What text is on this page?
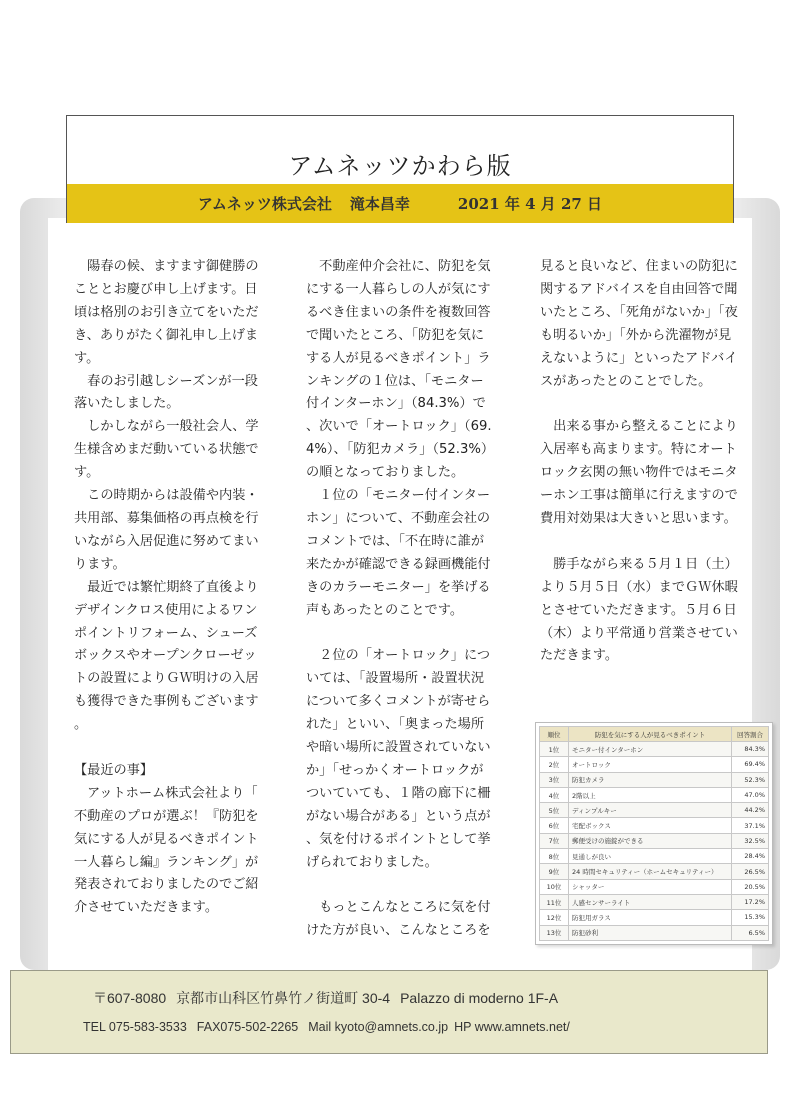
アムネッツかわら版
アムネッツ株式会社 滝本昌幸	2021 年 4 月 27 日

　陽春の候、ますます御健勝のこととお慶び申し上げます。日頃は格別のお引き立てをいただき、ありがたく御礼申し上げます。

　春のお引越しシーズンが一段落いたしました。

　しかしながら一般社会人、学生様含めまだ動いている状態です。

　この時期からは設備や内装・共用部、募集価格の再点検を行いながら入居促進に努めてまいります。

　最近では繁忙期終了直後よりデザインクロス使用によるワンポイントリフォーム、シューズボックスやオープンクローゼットの設置によりＧＷ明けの入居も獲得できた事例もございます。

【最近の事】

アットホーム株式会社より「不動産のプロが選ぶ！『防犯を気にする人が見るべきポイント 一人暮らし編』ランキング」が発表されておりましたのでご紹介させていただきます。

　不動産仲介会社に、防犯を気にする一人暮らしの人が気にするべき住まいの条件を複数回答で聞いたところ、「防犯を気にする人が見るべきポイント」ランキングの１位は、「モニター付インターホン」（84.3%）で、次いで「オートロック」（69.4%）、「防犯カメラ」（52.3%）の順となっておりました。

　１位の「モニター付インターホン」について、不動産会社のコメントでは、「不在時に誰が来たかが確認できる録画機能付きのカラーモニター」を挙げる声もあったとのことです。

　２位の「オートロック」については、「設置場所・設置状況について多くコメントが寄せられた」といい、「奥まった場所や暗い場所に設置されていないか」「せっかくオートロックがついていても、１階の廊下に柵がない場合がある」という点が、気を付けるポイントとして挙げられておりました。

　もっとこんなところに気を付けた方が良い、こんなところを

見ると良いなど、住まいの防犯に関するアドバイスを自由回答で聞いたところ、「死角がないか」「夜も明るいか」「外から洗濯物が見えないように」といったアドバイスがあったとのことでした。

　出来る事から整えることにより入居率も高まります。特にオートロック玄関の無い物件ではモニターホン工事は簡単に行えますので費用対効果は大きいと思います。

　勝手ながら来る５月１日（土）より５月５日（水）までＧＷ休暇とさせていただきます。５月６日（木）より平常通り営業させていただきます。

順位	防犯を気にする人が見るべきポイント	回答割合
1位	モニター付インターホン	84.3%
2位	オートロック	69.4%
3位	防犯カメラ	52.3%
4位	2階以上	47.0%
5位	ディンプルキー	44.2%
6位	宅配ボックス	37.1%
7位	郵便受けの施錠ができる	32.5%
8位	見通しが良い	28.4%
9位	24 時間セキュリティー（ホームセキュリティー）	26.5%
10位	シャッター	20.5%
11位	人感センサーライト	17.2%
12位	防犯用ガラス	15.3%
13位	防犯砂利	6.5%
〒607-8080 京都市山科区竹鼻竹ノ街道町 30-4 Palazzo di moderno 1F-A
TEL 075-583-3533 FAX075-502-2265 Mail kyoto@amnets.co.jp HP www.amnets.net/
